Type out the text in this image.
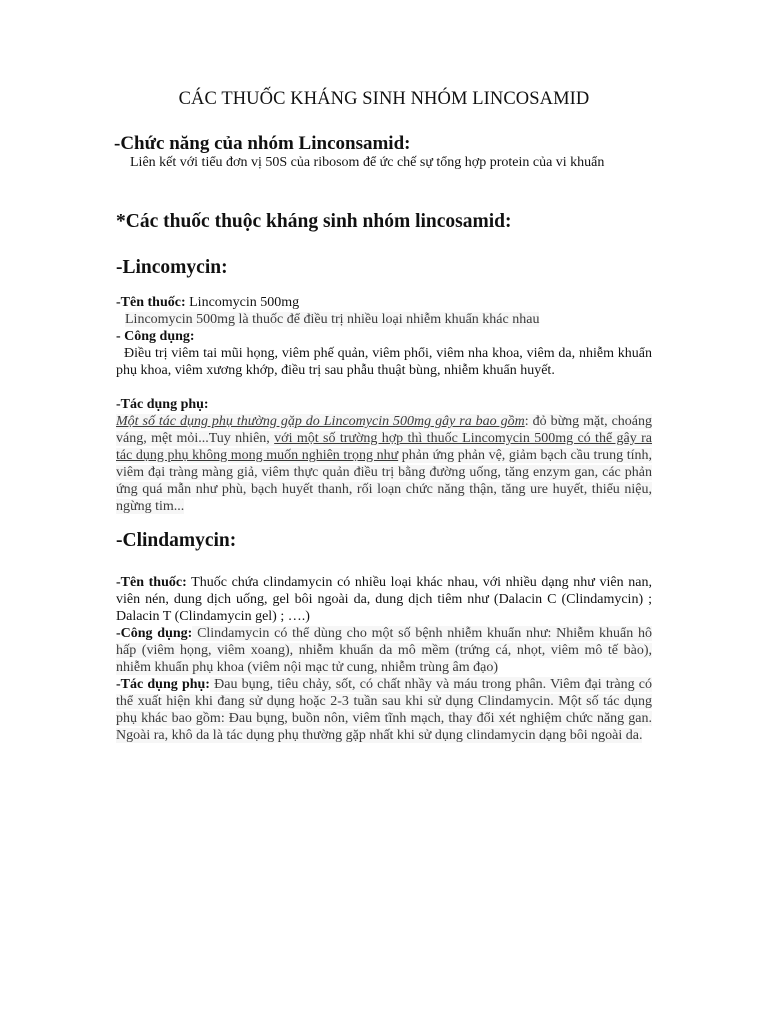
CÁC THUỐC KHÁNG SINH NHÓM LINCOSAMID
-Chức năng của nhóm Linconsamid:
Liên kết với tiểu đơn vị 50S của ribosom để ức chế sự tổng hợp protein của vi khuẩn
*Các thuốc thuộc kháng sinh nhóm lincosamid:
-Lincomycin:
-Tên thuốc: Lincomycin 500mg
Lincomycin 500mg là thuốc để điều trị nhiều loại nhiễm khuẩn khác nhau
- Công dụng:
Điều trị viêm tai mũi họng, viêm phế quản, viêm phổi, viêm nha khoa, viêm da, nhiễm khuẩn phụ khoa, viêm xương khớp, điều trị sau phẫu thuật bùng, nhiễm khuẩn huyết.
-Tác dụng phụ:
Một số tác dụng phụ thường gặp do Lincomycin 500mg gây ra bao gồm: đỏ bừng mặt, choáng váng, mệt mỏi...Tuy nhiên, với một số trường hợp thì thuốc Lincomycin 500mg có thể gây ra tác dụng phụ không mong muốn nghiên trọng như phản ứng phản vệ, giảm bạch cầu trung tính, viêm đại tràng màng giả, viêm thực quản điều trị bằng đường uống, tăng enzym gan, các phản ứng quá mẫn như phù, bạch huyết thanh, rối loạn chức năng thận, tăng ure huyết, thiểu niệu, ngừng tim...
-Clindamycin:
-Tên thuốc: Thuốc chứa clindamycin có nhiều loại khác nhau, với nhiều dạng như viên nan, viên nén, dung dịch uống, gel bôi ngoài da, dung dịch tiêm như (Dalacin C (Clindamycin) ; Dalacin T (Clindamycin gel) ; ….)
-Công dụng: Clindamycin có thể dùng cho một số bệnh nhiễm khuẩn như: Nhiễm khuẩn hô hấp (viêm họng, viêm xoang), nhiễm khuẩn da mô mềm (trứng cá, nhọt, viêm mô tế bào), nhiễm khuẩn phụ khoa (viêm nội mạc tử cung, nhiễm trùng âm đạo)
-Tác dụng phụ: Đau bụng, tiêu chảy, sốt, có chất nhầy và máu trong phân. Viêm đại tràng có thể xuất hiện khi đang sử dụng hoặc 2-3 tuần sau khi sử dụng Clindamycin. Một số tác dụng phụ khác bao gồm: Đau bụng, buồn nôn, viêm tĩnh mạch, thay đổi xét nghiệm chức năng gan. Ngoài ra, khô da là tác dụng phụ thường gặp nhất khi sử dụng clindamycin dạng bôi ngoài da.
